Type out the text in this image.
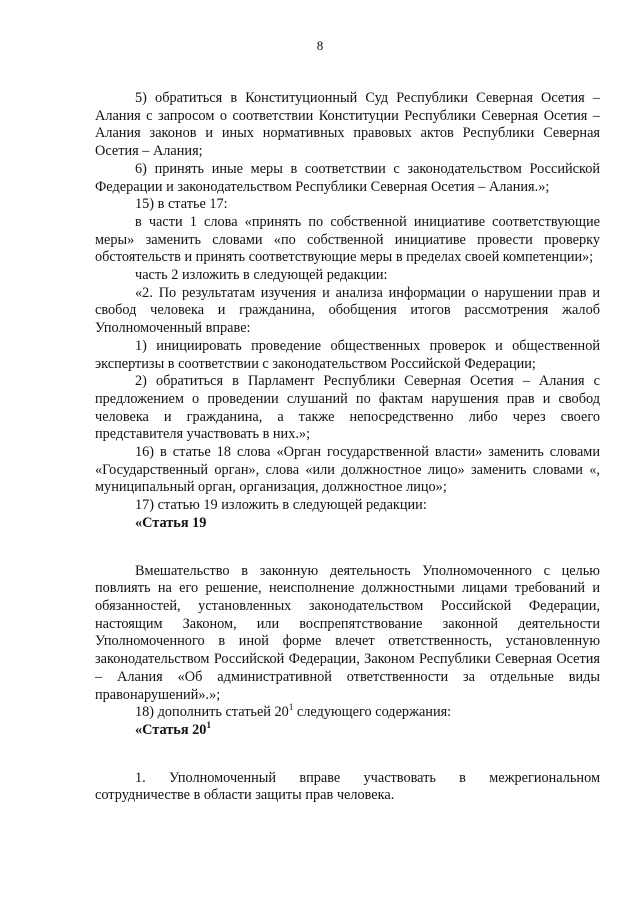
8

5) обратиться в Конституционный Суд Республики Северная Осетия – Алания с запросом о соответствии Конституции Республики Северная Осетия – Алания законов и иных нормативных правовых актов Республики Северная Осетия – Алания;

6) принять иные меры в соответствии с законодательством Российской Федерации и законодательством Республики Северная Осетия – Алания.»;

15) в статье 17:

в части 1 слова «принять по собственной инициативе соответствующие меры» заменить словами «по собственной инициативе провести проверку обстоятельств и принять соответствующие меры в пределах своей компетенции»;

часть 2 изложить в следующей редакции:

«2. По результатам изучения и анализа информации о нарушении прав и свобод человека и гражданина, обобщения итогов рассмотрения жалоб Уполномоченный вправе:

1) инициировать проведение общественных проверок и общественной экспертизы в соответствии с законодательством Российской Федерации;

2) обратиться в Парламент Республики Северная Осетия – Алания с предложением о проведении слушаний по фактам нарушения прав и свобод человека и гражданина, а также непосредственно либо через своего представителя участвовать в них.»;

16) в статье 18 слова «Орган государственной власти» заменить словами «Государственный орган», слова «или должностное лицо» заменить словами «, муниципальный орган, организация, должностное лицо»;

17) статью 19 изложить в следующей редакции:

«Статья 19

Вмешательство в законную деятельность Уполномоченного с целью повлиять на его решение, неисполнение должностными лицами требований и обязанностей, установленных законодательством Российской Федерации, настоящим Законом, или воспрепятствование законной деятельности Уполномоченного в иной форме влечет ответственность, установленную законодательством Российской Федерации, Законом Республики Северная Осетия – Алания «Об административной ответственности за отдельные виды правонарушений».»;

18) дополнить статьей $20^1$ следующего содержания:

«Статья $20^1$

1. Уполномоченный вправе участвовать в межрегиональном сотрудничестве в области защиты прав человека.
